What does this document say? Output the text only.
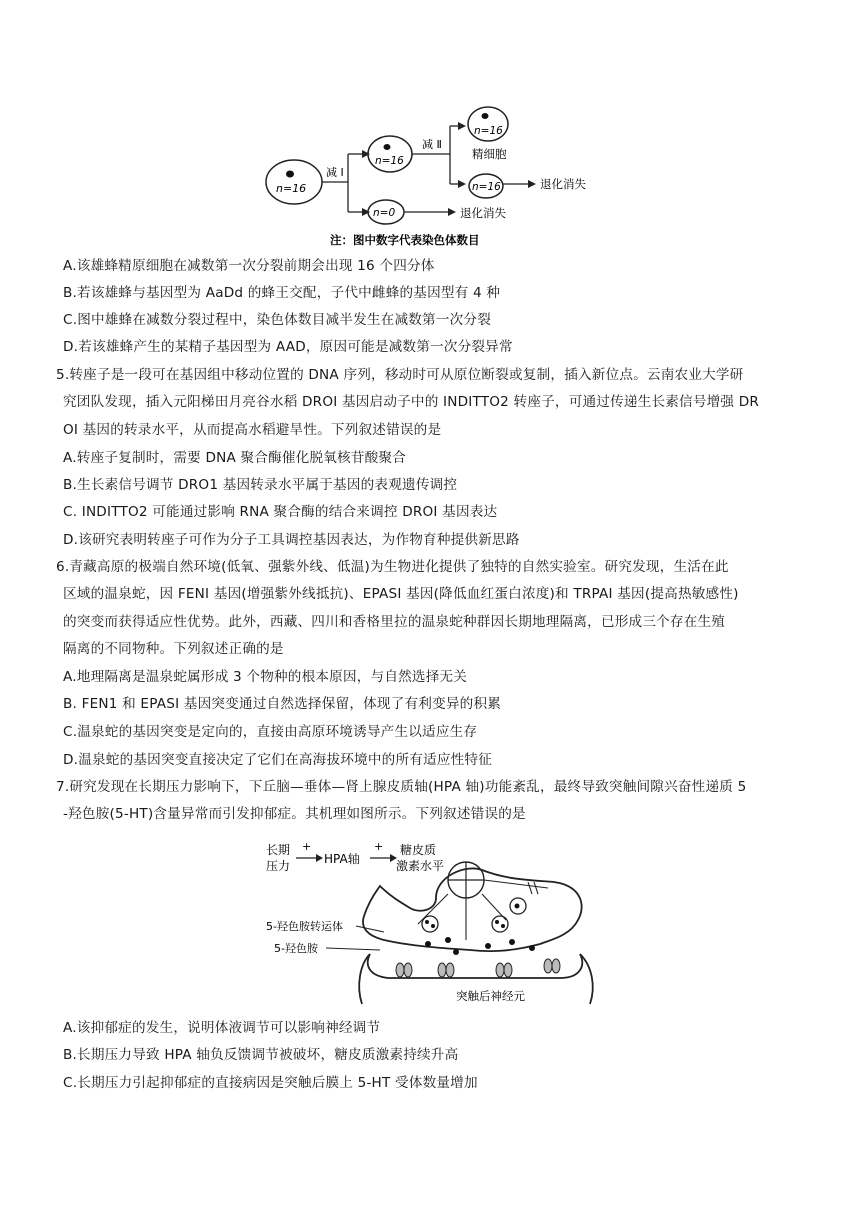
n=16
减 Ⅰ
n=16
n=0	退化消失
减 Ⅱ
n=16
精细胞
n=16	退化消失
注：图中数字代表染色体数目
A.该雄蜂精原细胞在减数第一次分裂前期会出现 16 个四分体
B.若该雄蜂与基因型为 AaDd 的蜂王交配，子代中雌蜂的基因型有 4 种
C.图中雄蜂在减数分裂过程中，染色体数目减半发生在减数第一次分裂
D.若该雄蜂产生的某精子基因型为 AAD，原因可能是减数第一次分裂异常
5.转座子是一段可在基因组中移动位置的 DNA 序列，移动时可从原位断裂或复制，插入新位点。云南农业大学研
究团队发现，插入元阳梯田月亮谷水稻 DROI 基因启动子中的 INDITTO2 转座子，可通过传递生长素信号增强 DR
OI 基因的转录水平，从而提高水稻避旱性。下列叙述错误的是
A.转座子复制时，需要 DNA 聚合酶催化脱氧核苷酸聚合
B.生长素信号调节 DRO1 基因转录水平属于基因的表观遗传调控
C. INDITTO2 可能通过影响 RNA 聚合酶的结合来调控 DROI 基因表达
D.该研究表明转座子可作为分子工具调控基因表达，为作物育种提供新思路
6.青藏高原的极端自然环境(低氧、强紫外线、低温)为生物进化提供了独特的自然实验室。研究发现，生活在此
区域的温泉蛇，因 FENI 基因(增强紫外线抵抗)、EPASI 基因(降低血红蛋白浓度)和 TRPAI 基因(提高热敏感性)
的突变而获得适应性优势。此外，西藏、四川和香格里拉的温泉蛇种群因长期地理隔离，已形成三个存在生殖
隔离的不同物种。下列叙述正确的是
A.地理隔离是温泉蛇属形成 3 个物种的根本原因，与自然选择无关
B. FEN1 和 EPASI 基因突变通过自然选择保留，体现了有利变异的积累
C.温泉蛇的基因突变是定向的，直接由高原环境诱导产生以适应生存
D.温泉蛇的基因突变直接决定了它们在高海拔环境中的所有适应性特征
7.研究发现在长期压力影响下，下丘脑—垂体—肾上腺皮质轴(HPA 轴)功能紊乱，最终导致突触间隙兴奋性递质 5
-羟色胺(5-HT)含量异常而引发抑郁症。其机理如图所示。下列叙述错误的是
长期
压力
+
HPA轴
+ 糖皮质
激素水平
5-羟色胺转运体
5-羟色胺
突触后神经元
A.该抑郁症的发生，说明体液调节可以影响神经调节
B.长期压力导致 HPA 轴负反馈调节被破坏，糖皮质激素持续升高
C.长期压力引起抑郁症的直接病因是突触后膜上 5-HT 受体数量增加
